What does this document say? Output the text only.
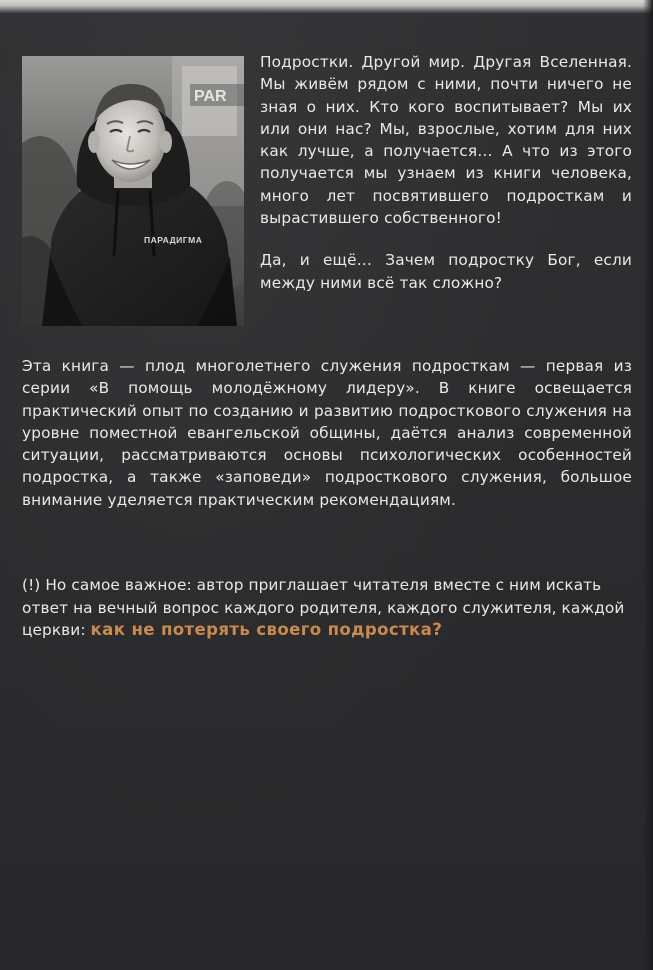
PAR
ПАРАДИГМА

Подростки. Другой мир. Другая Вселенная. Мы живём рядом с ними, почти ничего не зная о них. Кто кого воспитывает? Мы их или они нас? Мы, взрослые, хотим для них как лучше, а получается… А что из этого получается мы узнаем из книги человека, много лет посвятившего подросткам и вырастившего собственного!

Да, и ещё… Зачем подростку Бог, если между ними всё так сложно?

Эта книга — плод многолетнего служения подросткам — первая из серии «В помощь молодёжному лидеру». В книге освещается практический опыт по созданию и развитию подросткового служения на уровне поместной евангельской общины, даётся анализ современной ситуации, рассматриваются основы психологических особенностей подростка, а также «заповеди» подросткового служения, большое внимание уделяется практическим рекомендациям.

(!) Но самое важное: автор приглашает читателя вместе с ним искать ответ на вечный вопрос каждого родителя, каждого служителя, каждой церкви: как не потерять своего подростка?
